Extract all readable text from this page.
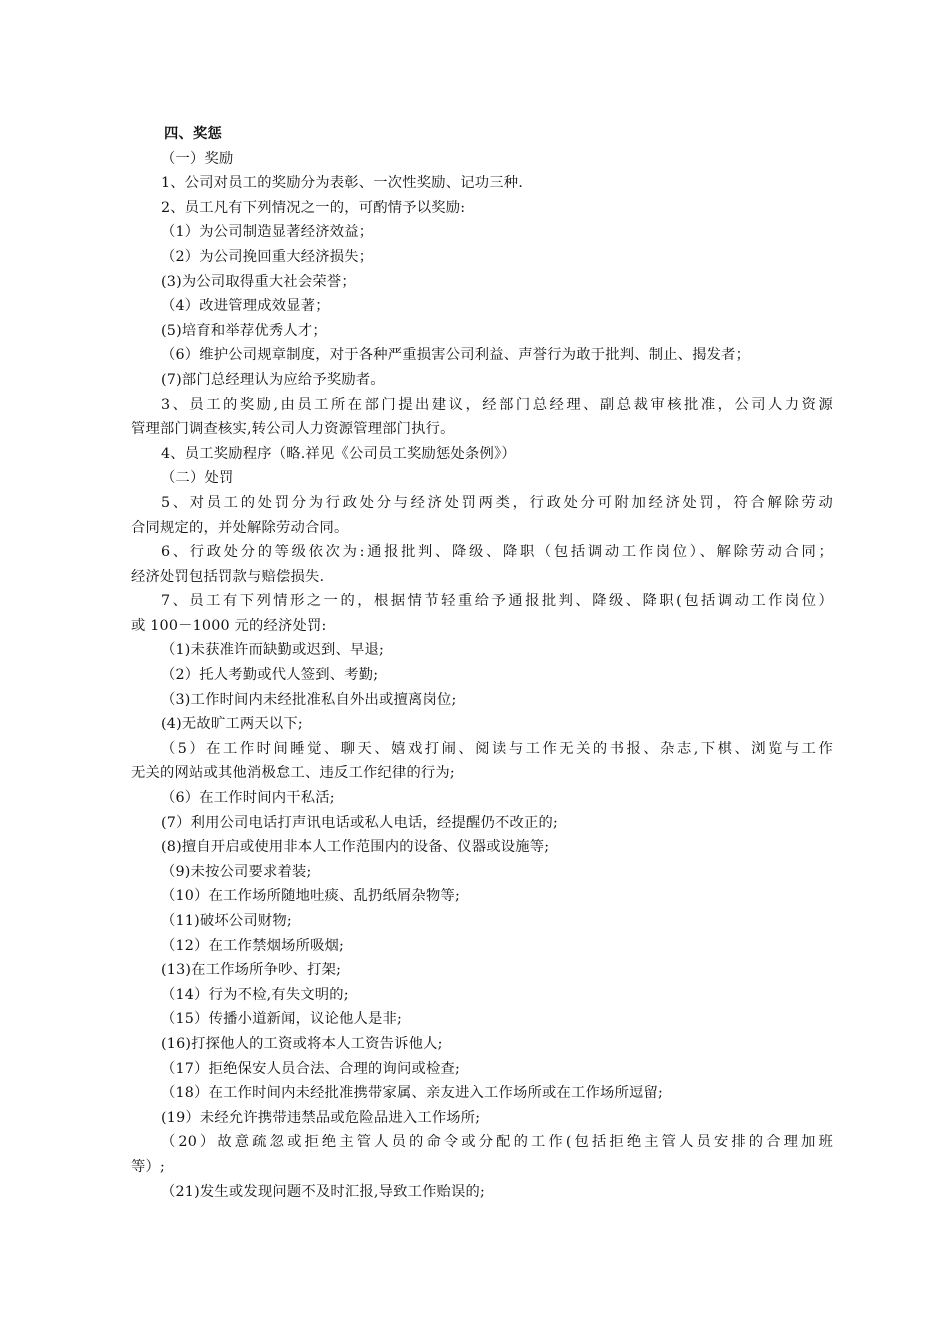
四、奖惩
（一）奖励
1、公司对员工的奖励分为表彰、一次性奖励、记功三种.
2、员工凡有下列情况之一的，可酌情予以奖励:
（1）为公司制造显著经济效益；
（2）为公司挽回重大经济损失；
(3)为公司取得重大社会荣誉；
（4）改进管理成效显著；
(5)培育和举荐优秀人才；
（6）维护公司规章制度，对于各种严重损害公司利益、声誉行为敢于批判、制止、揭发者；
(7)部门总经理认为应给予奖励者。
3、员工的奖励,由员工所在部门提出建议，经部门总经理、副总裁审核批准，公司人力资源
管理部门调查核实,转公司人力资源管理部门执行。
4、员工奖励程序（略.祥见《公司员工奖励惩处条例》）
（二）处罚
5、对员工的处罚分为行政处分与经济处罚两类，行政处分可附加经济处罚，符合解除劳动
合同规定的，并处解除劳动合同。
6、行政处分的等级依次为:通报批判、降级、降职（包括调动工作岗位）、解除劳动合同；
经济处罚包括罚款与赔偿损失.
7、员工有下列情形之一的，根据情节轻重给予通报批判、降级、降职(包括调动工作岗位）
或 100－1000 元的经济处罚:
（1)未获准许而缺勤或迟到、早退;
（2）托人考勤或代人签到、考勤;
（3)工作时间内未经批准私自外出或擅离岗位;
(4)无故旷工两天以下;
（5）在工作时间睡觉、聊天、嬉戏打闹、阅读与工作无关的书报、杂志,下棋、浏览与工作
无关的网站或其他消极怠工、违反工作纪律的行为;
（6）在工作时间内干私活;
(7）利用公司电话打声讯电话或私人电话，经提醒仍不改正的;
(8)擅自开启或使用非本人工作范围内的设备、仪器或设施等;
（9)未按公司要求着装;
（10）在工作场所随地吐痰、乱扔纸屑杂物等;
（11)破坏公司财物;
（12）在工作禁烟场所吸烟;
(13)在工作场所争吵、打架;
（14）行为不检,有失文明的;
（15）传播小道新闻，议论他人是非;
(16)打探他人的工资或将本人工资告诉他人;
（17）拒绝保安人员合法、合理的询问或检查;
（18）在工作时间内未经批准携带家属、亲友进入工作场所或在工作场所逗留;
(19）未经允许携带违禁品或危险品进入工作场所;
（20）故意疏忽或拒绝主管人员的命令或分配的工作(包括拒绝主管人员安排的合理加班
等）;
（21)发生或发现问题不及时汇报,导致工作贻误的;
